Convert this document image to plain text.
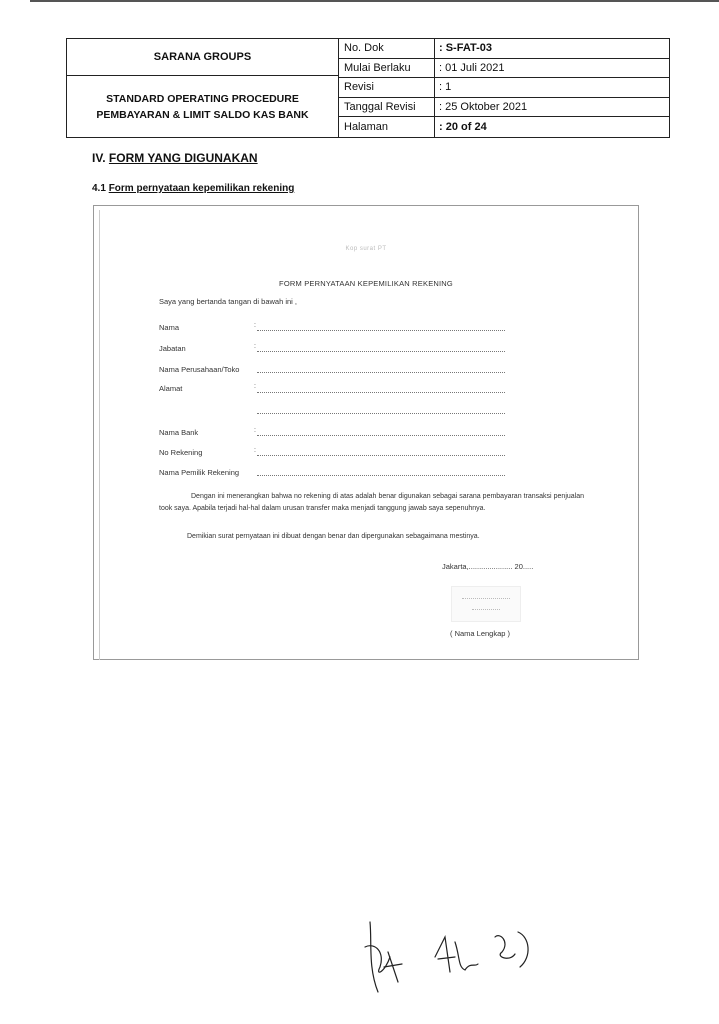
SARANA GROUPS
STANDARD OPERATING PROCEDURE
PEMBAYARAN & LIMIT SALDO KAS BANK
No. Dok	: S-FAT-03
Mulai Berlaku	: 01 Juli 2021
Revisi	: 1
Tanggal Revisi	: 25 Oktober 2021
Halaman	: 20 of 24
IV. FORM YANG DIGUNAKAN
4.1 Form pernyataan kepemilikan rekening
Kop surat PT
FORM PERNYATAAN KEPEMILIKAN REKENING
Saya yang bertanda tangan di bawah ini ,
Nama	:
Jabatan	:
Nama Perusahaan/Toko
Alamat	:
Nama Bank	:
No Rekening	:
Nama Pemilik Rekening
Dengan ini menerangkan bahwa no rekening di atas adalah benar digunakan sebagai sarana pembayaran transaksi penjualan took saya. Apabila terjadi hal-hal dalam urusan transfer maka menjadi tanggung jawab saya sepenuhnya.
Demikian surat pernyataan ini dibuat dengan benar dan dipergunakan sebagaimana mestinya.
Jakarta,..................... 20.....
( Nama Lengkap )
